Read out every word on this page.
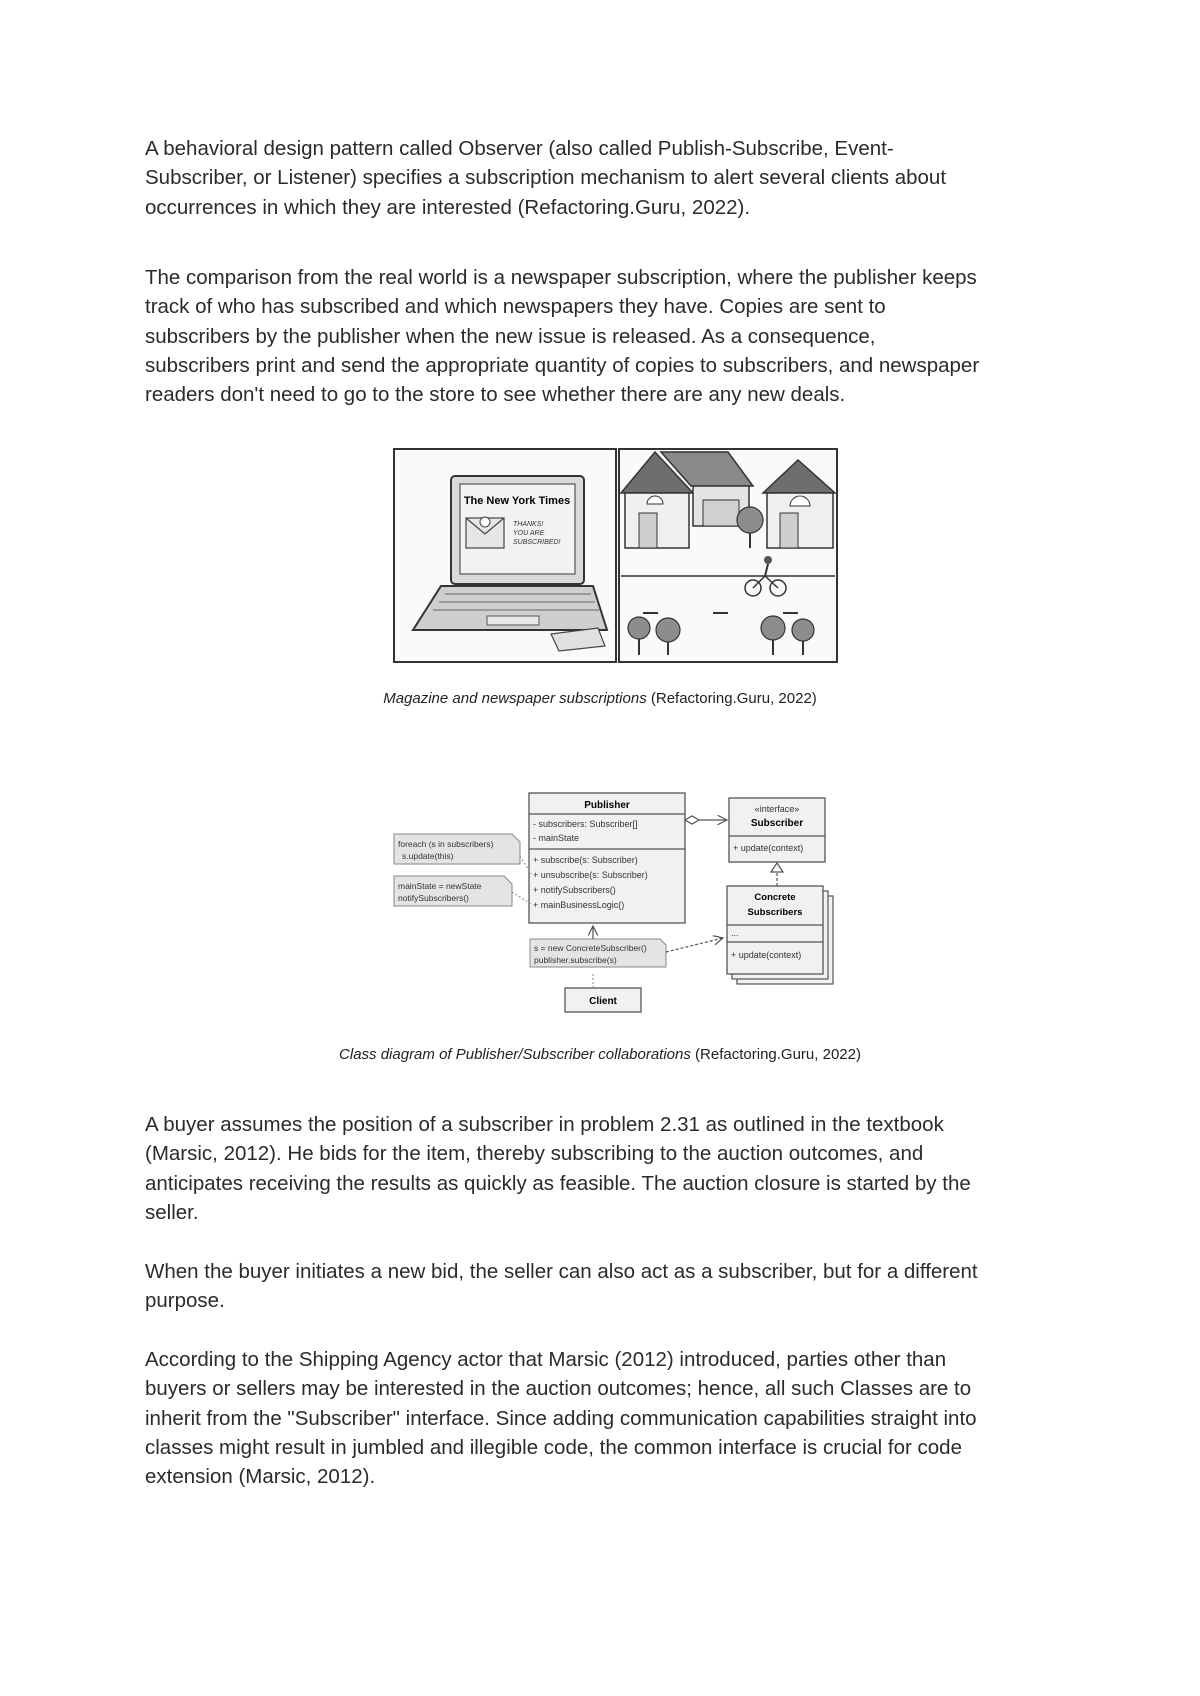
A behavioral design pattern called Observer (also called Publish-Subscribe, Event-
Subscriber, or Listener) specifies a subscription mechanism to alert several clients about
occurrences in which they are interested (Refactoring.Guru, 2022).

The comparison from the real world is a newspaper subscription, where the publisher keeps
track of who has subscribed and which newspapers they have. Copies are sent to
subscribers by the publisher when the new issue is released. As a consequence,
subscribers print and send the appropriate quantity of copies to subscribers, and newspaper
readers don't need to go to the store to see whether there are any new deals.

The New York Times
THANKS!
YOU ARE
SUBSCRIBED!
Magazine and newspaper subscriptions (Refactoring.Guru, 2022)
Publisher
- subscribers: Subscriber[]
- mainState
+ subscribe(s: Subscriber)
+ unsubscribe(s: Subscriber)
+ notifySubscribers()
+ mainBusinessLogic()
«interface»
Subscriber
+ update(context)
Concrete
Subscribers
...
+ update(context)
foreach (s in subscribers)
s.update(this)
mainState = newState
notifySubscribers()
s = new ConcreteSubscriber()
publisher.subscribe(s)
Client
Class diagram of Publisher/Subscriber collaborations (Refactoring.Guru, 2022)

A buyer assumes the position of a subscriber in problem 2.31 as outlined in the textbook
(Marsic, 2012). He bids for the item, thereby subscribing to the auction outcomes, and
anticipates receiving the results as quickly as feasible. The auction closure is started by the
seller.

When the buyer initiates a new bid, the seller can also act as a subscriber, but for a different
purpose.

According to the Shipping Agency actor that Marsic (2012) introduced, parties other than
buyers or sellers may be interested in the auction outcomes; hence, all such Classes are to
inherit from the "Subscriber" interface. Since adding communication capabilities straight into
classes might result in jumbled and illegible code, the common interface is crucial for code
extension (Marsic, 2012).
